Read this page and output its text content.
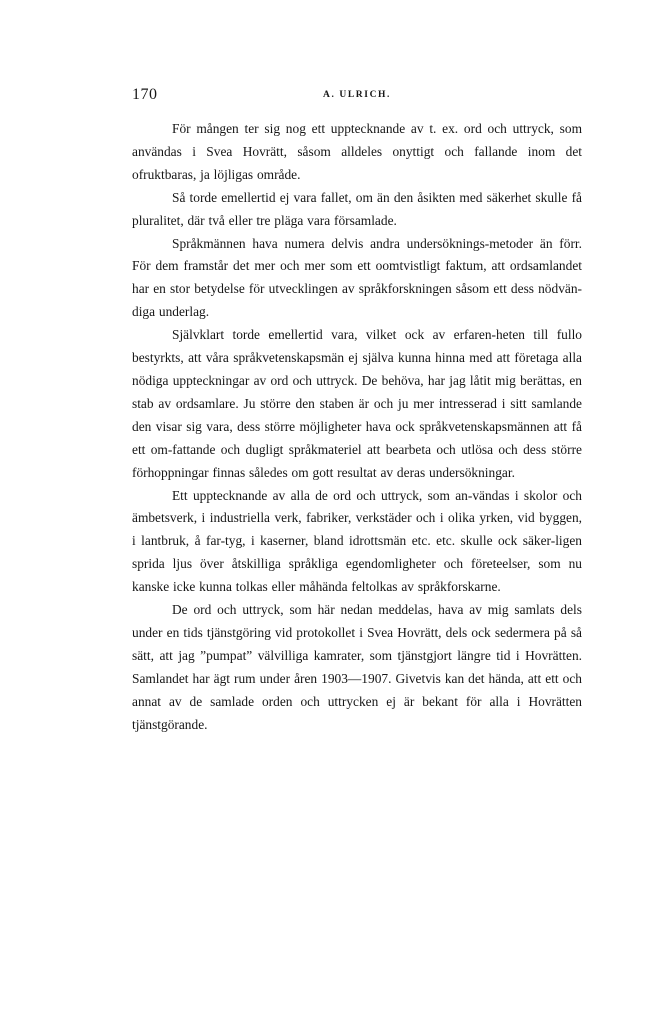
170	A. ULRICH.

För mången ter sig nog ett upptecknande av t. ex. ord och uttryck, som användas i Svea Hovrätt, såsom alldeles onyttigt och fallande inom det ofruktbaras, ja löjligas område.

Så torde emellertid ej vara fallet, om än den åsikten med säkerhet skulle få pluralitet, där två eller tre pläga vara församlade.

Språkmännen hava numera delvis andra undersöknings-metoder än förr. För dem framstår det mer och mer som ett oomtvistligt faktum, att ordsamlandet har en stor betydelse för utvecklingen av språkforskningen såsom ett dess nödvän-diga underlag.

Självklart torde emellertid vara, vilket ock av erfaren-heten till fullo bestyrkts, att våra språkvetenskapsmän ej själva kunna hinna med att företaga alla nödiga uppteckningar av ord och uttryck. De behöva, har jag låtit mig berättas, en stab av ordsamlare. Ju större den staben är och ju mer intresserad i sitt samlande den visar sig vara, dess större möjligheter hava ock språkvetenskapsmännen att få ett om-fattande och dugligt språkmateriel att bearbeta och utlösa och dess större förhoppningar finnas således om gott resultat av deras undersökningar.

Ett upptecknande av alla de ord och uttryck, som an-vändas i skolor och ämbetsverk, i industriella verk, fabriker, verkstäder och i olika yrken, vid byggen, i lantbruk, å far-tyg, i kaserner, bland idrottsmän etc. etc. skulle ock säker-ligen sprida ljus över åtskilliga språkliga egendomligheter och företeelser, som nu kanske icke kunna tolkas eller måhända feltolkas av språkforskarne.

De ord och uttryck, som här nedan meddelas, hava av mig samlats dels under en tids tjänstgöring vid protokollet i Svea Hovrätt, dels ock sedermera på så sätt, att jag ”pumpat” välvilliga kamrater, som tjänstgjort längre tid i Hovrätten. Samlandet har ägt rum under åren 1903—1907. Givetvis kan det hända, att ett och annat av de samlade orden och uttrycken ej är bekant för alla i Hovrätten tjänstgörande.
